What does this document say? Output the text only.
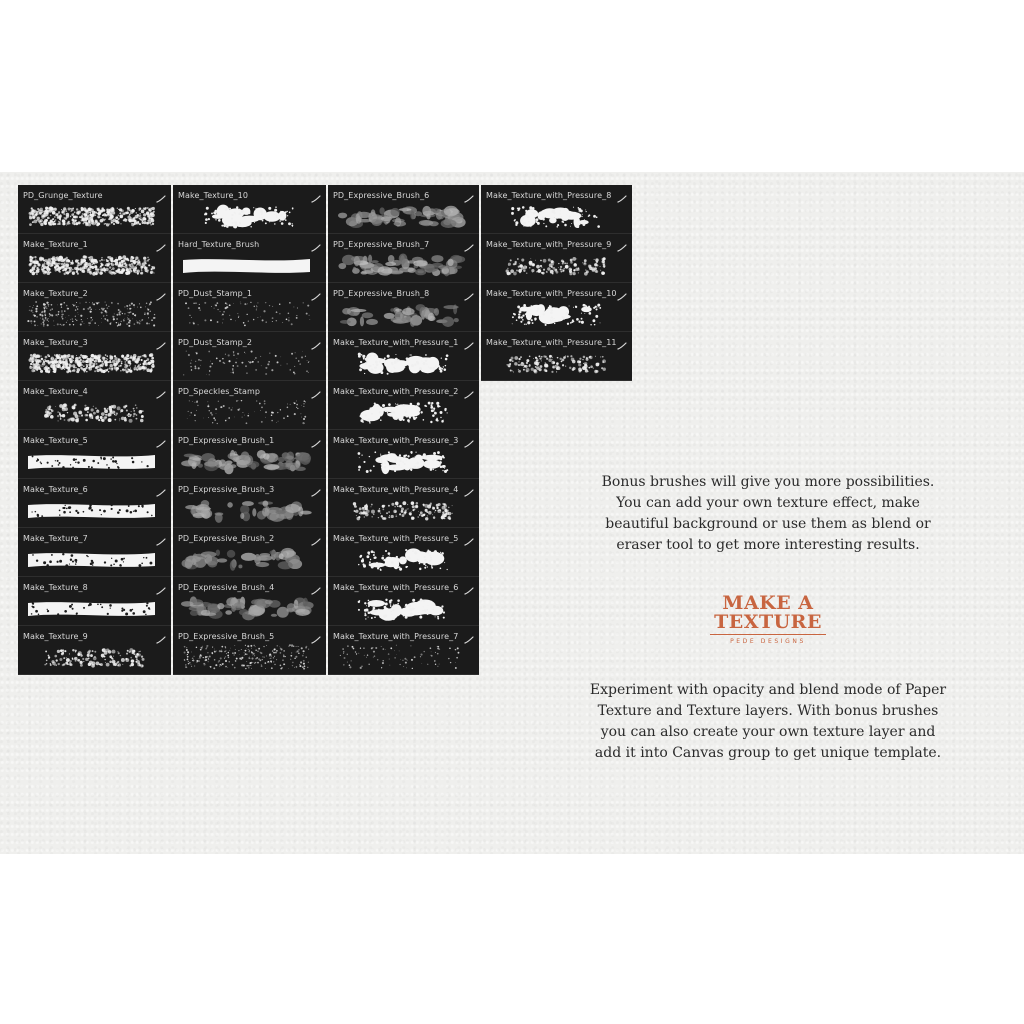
PD_Grunge_Texture
Make_Texture_1
Make_Texture_2
Make_Texture_3
Make_Texture_4
Make_Texture_5
Make_Texture_6
Make_Texture_7
Make_Texture_8
Make_Texture_9
Make_Texture_10
Hard_Texture_Brush
PD_Dust_Stamp_1
PD_Dust_Stamp_2
PD_Speckles_Stamp
PD_Expressive_Brush_1
PD_Expressive_Brush_3
PD_Expressive_Brush_2
PD_Expressive_Brush_4
PD_Expressive_Brush_5
PD_Expressive_Brush_6
PD_Expressive_Brush_7
PD_Expressive_Brush_8
Make_Texture_with_Pressure_1
Make_Texture_with_Pressure_2
Make_Texture_with_Pressure_3
Make_Texture_with_Pressure_4
Make_Texture_with_Pressure_5
Make_Texture_with_Pressure_6
Make_Texture_with_Pressure_7
Make_Texture_with_Pressure_8
Make_Texture_with_Pressure_9
Make_Texture_with_Pressure_10
Make_Texture_with_Pressure_11
Bonus brushes will give you more possibilities. You can add your own texture effect, make beautiful background or use them as blend or eraser tool to get more interesting results.
MAKE A
TEXTURE
PEDE DESIGNS
Experiment with opacity and blend mode of Paper Texture and Texture layers. With bonus brushes you can also create your own texture layer and add it into Canvas group to get unique template.
